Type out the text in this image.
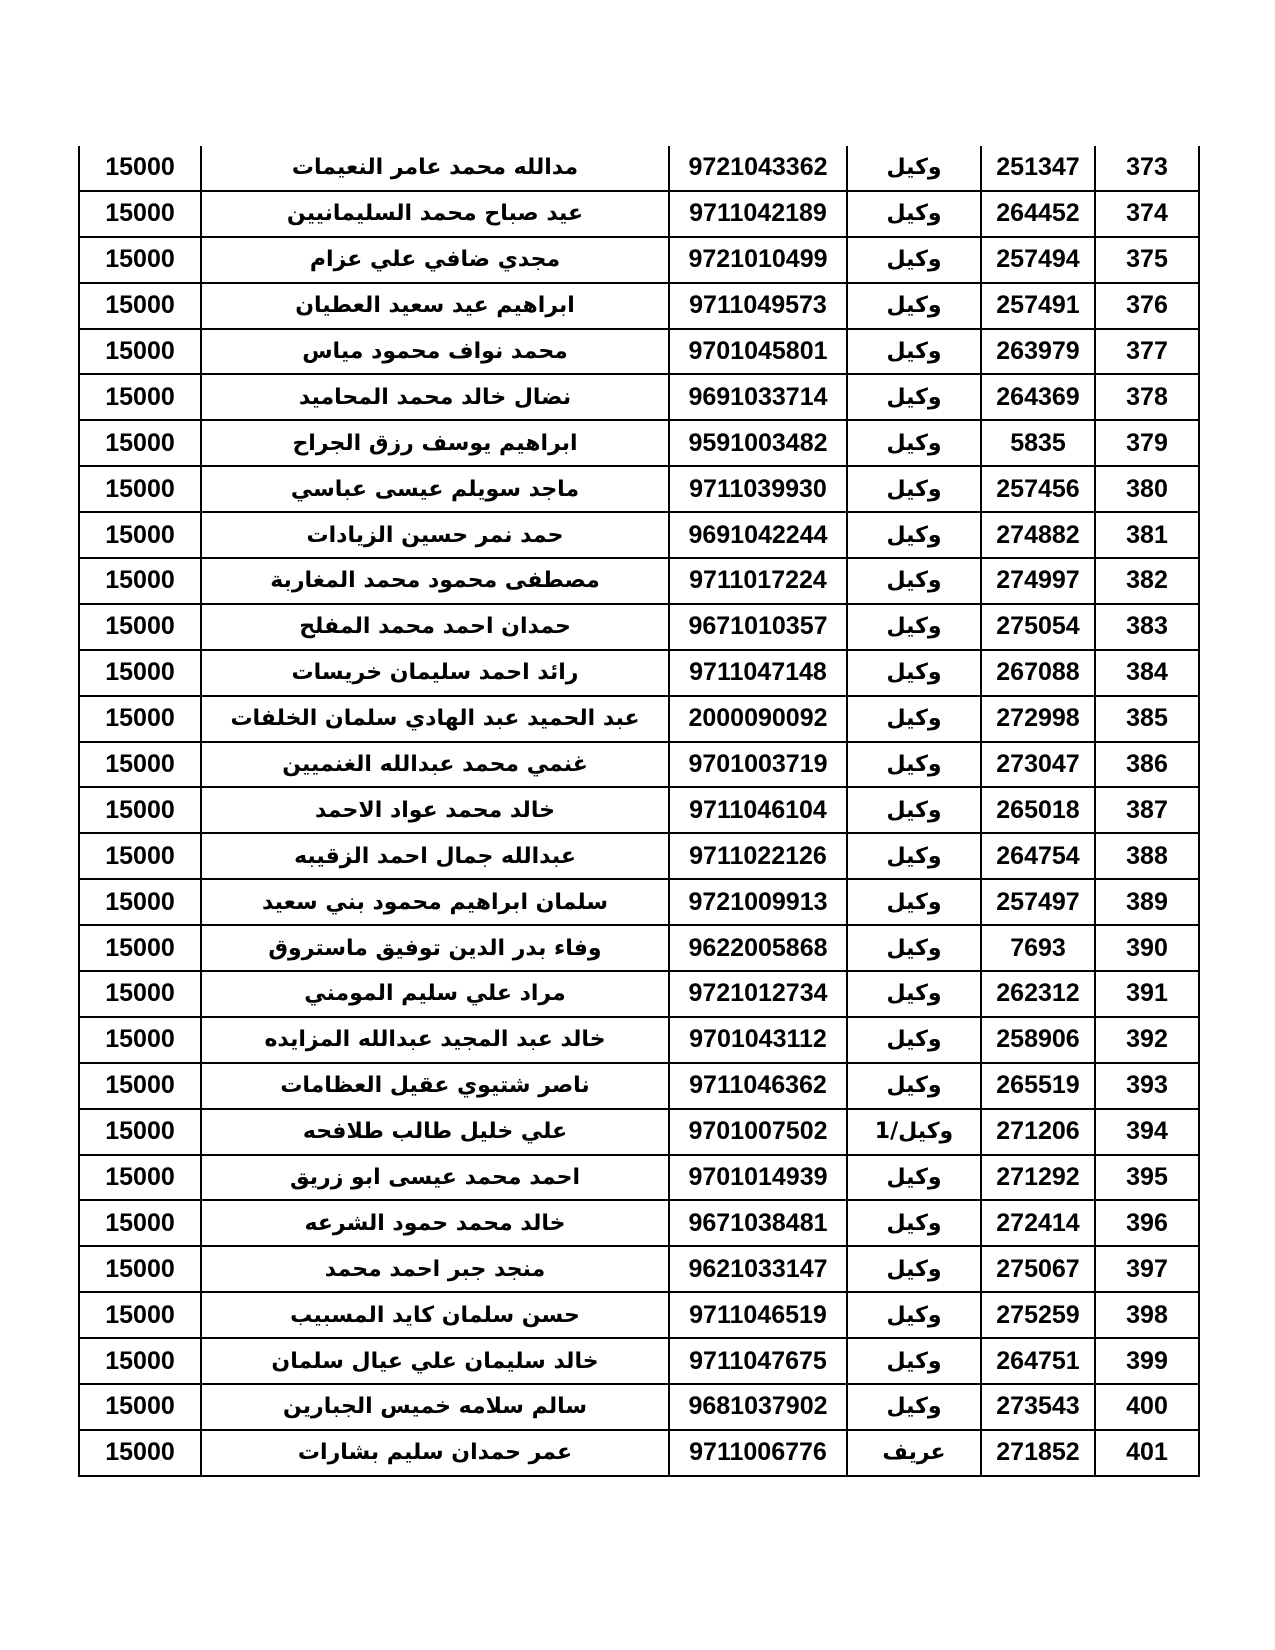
15000	مدالله محمد عامر النعيمات	9721043362	وكيل	251347	373
15000	عيد صباح محمد السليمانيين	9711042189	وكيل	264452	374
15000	مجدي ضافي علي عزام	9721010499	وكيل	257494	375
15000	ابراهيم عيد سعيد العطيان	9711049573	وكيل	257491	376
15000	محمد نواف محمود مياس	9701045801	وكيل	263979	377
15000	نضال خالد محمد المحاميد	9691033714	وكيل	264369	378
15000	ابراهيم يوسف رزق الجراح	9591003482	وكيل	5835	379
15000	ماجد سويلم عيسى عباسي	9711039930	وكيل	257456	380
15000	حمد نمر حسين الزيادات	9691042244	وكيل	274882	381
15000	مصطفى محمود محمد المغاربة	9711017224	وكيل	274997	382
15000	حمدان احمد محمد المفلح	9671010357	وكيل	275054	383
15000	رائد احمد سليمان خريسات	9711047148	وكيل	267088	384
15000	عبد الحميد عبد الهادي سلمان الخلفات	2000090092	وكيل	272998	385
15000	غنمي محمد عبدالله الغنميين	9701003719	وكيل	273047	386
15000	خالد محمد عواد الاحمد	9711046104	وكيل	265018	387
15000	عبدالله جمال احمد الزقيبه	9711022126	وكيل	264754	388
15000	سلمان ابراهيم محمود بني سعيد	9721009913	وكيل	257497	389
15000	وفاء بدر الدين توفيق ماستروق	9622005868	وكيل	7693	390
15000	مراد علي سليم المومني	9721012734	وكيل	262312	391
15000	خالد عبد المجيد عبدالله المزايده	9701043112	وكيل	258906	392
15000	ناصر شتيوي عقيل العظامات	9711046362	وكيل	265519	393
15000	علي خليل طالب طلافحه	9701007502	وكيل/1	271206	394
15000	احمد محمد عيسى ابو زريق	9701014939	وكيل	271292	395
15000	خالد محمد حمود الشرعه	9671038481	وكيل	272414	396
15000	منجد جبر احمد محمد	9621033147	وكيل	275067	397
15000	حسن سلمان كايد المسبيب	9711046519	وكيل	275259	398
15000	خالد سليمان علي عيال سلمان	9711047675	وكيل	264751	399
15000	سالم سلامه خميس الجبارين	9681037902	وكيل	273543	400
15000	عمر حمدان سليم بشارات	9711006776	عريف	271852	401
